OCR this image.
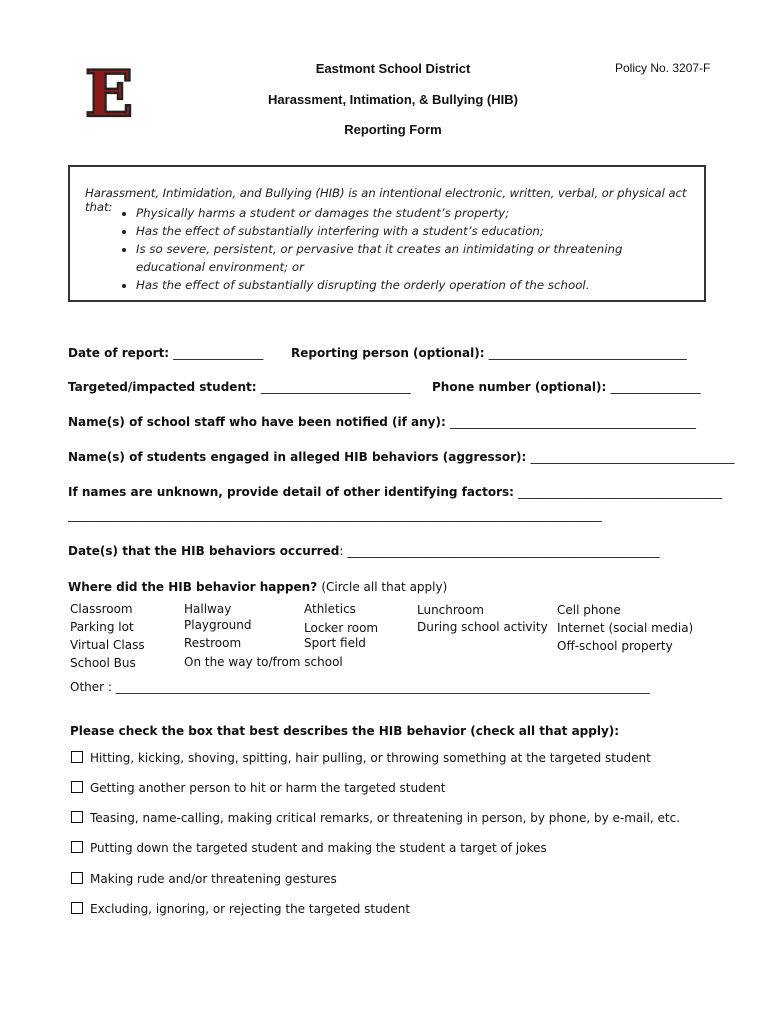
E	Eastmont School District
Harassment, Intimation, & Bullying (HIB)
Reporting Form
Policy No. 3207-F
Harassment, Intimidation, and Bullying (HIB) is an intentional electronic, written, verbal, or physical act that:
•	Physically harms a student or damages the student’s property;
• Has the effect of substantially interfering with a student’s education;
• Is so severe, persistent, or pervasive that it creates an intimidating or threatening educational environment; or
• Has the effect of substantially disrupting the orderly operation of the school.
Date of report: _______________ Reporting person (optional): _________________________________
Targeted/impacted student: _________________________ Phone number (optional): _______________
Name(s) of school staff who have been notified (if any): _________________________________________
Name(s) of students engaged in alleged HIB behaviors (aggressor): __________________________________
If names are unknown, provide detail of other identifying factors: __________________________________
_________________________________________________________________________________________
Date(s) that the HIB behaviors occurred: ____________________________________________________
Where did the HIB behavior happen? (Circle all that apply)
Classroom
Parking lot
Virtual Class
School Bus
Hallway
Playground
Restroom
On the way to/from school
Athletics
Locker room
Sport field
Lunchroom
During school activity
Cell phone
Internet (social media)
Off-school property
Other : _________________________________________________________________________________________
Please check the box that best describes the HIB behavior (check all that apply):
Hitting, kicking, shoving, spitting, hair pulling, or throwing something at the targeted student
Getting another person to hit or harm the targeted student
Teasing, name-calling, making critical remarks, or threatening in person, by phone, by e-mail, etc.
Putting down the targeted student and making the student a target of jokes
Making rude and/or threatening gestures
Excluding, ignoring, or rejecting the targeted student
